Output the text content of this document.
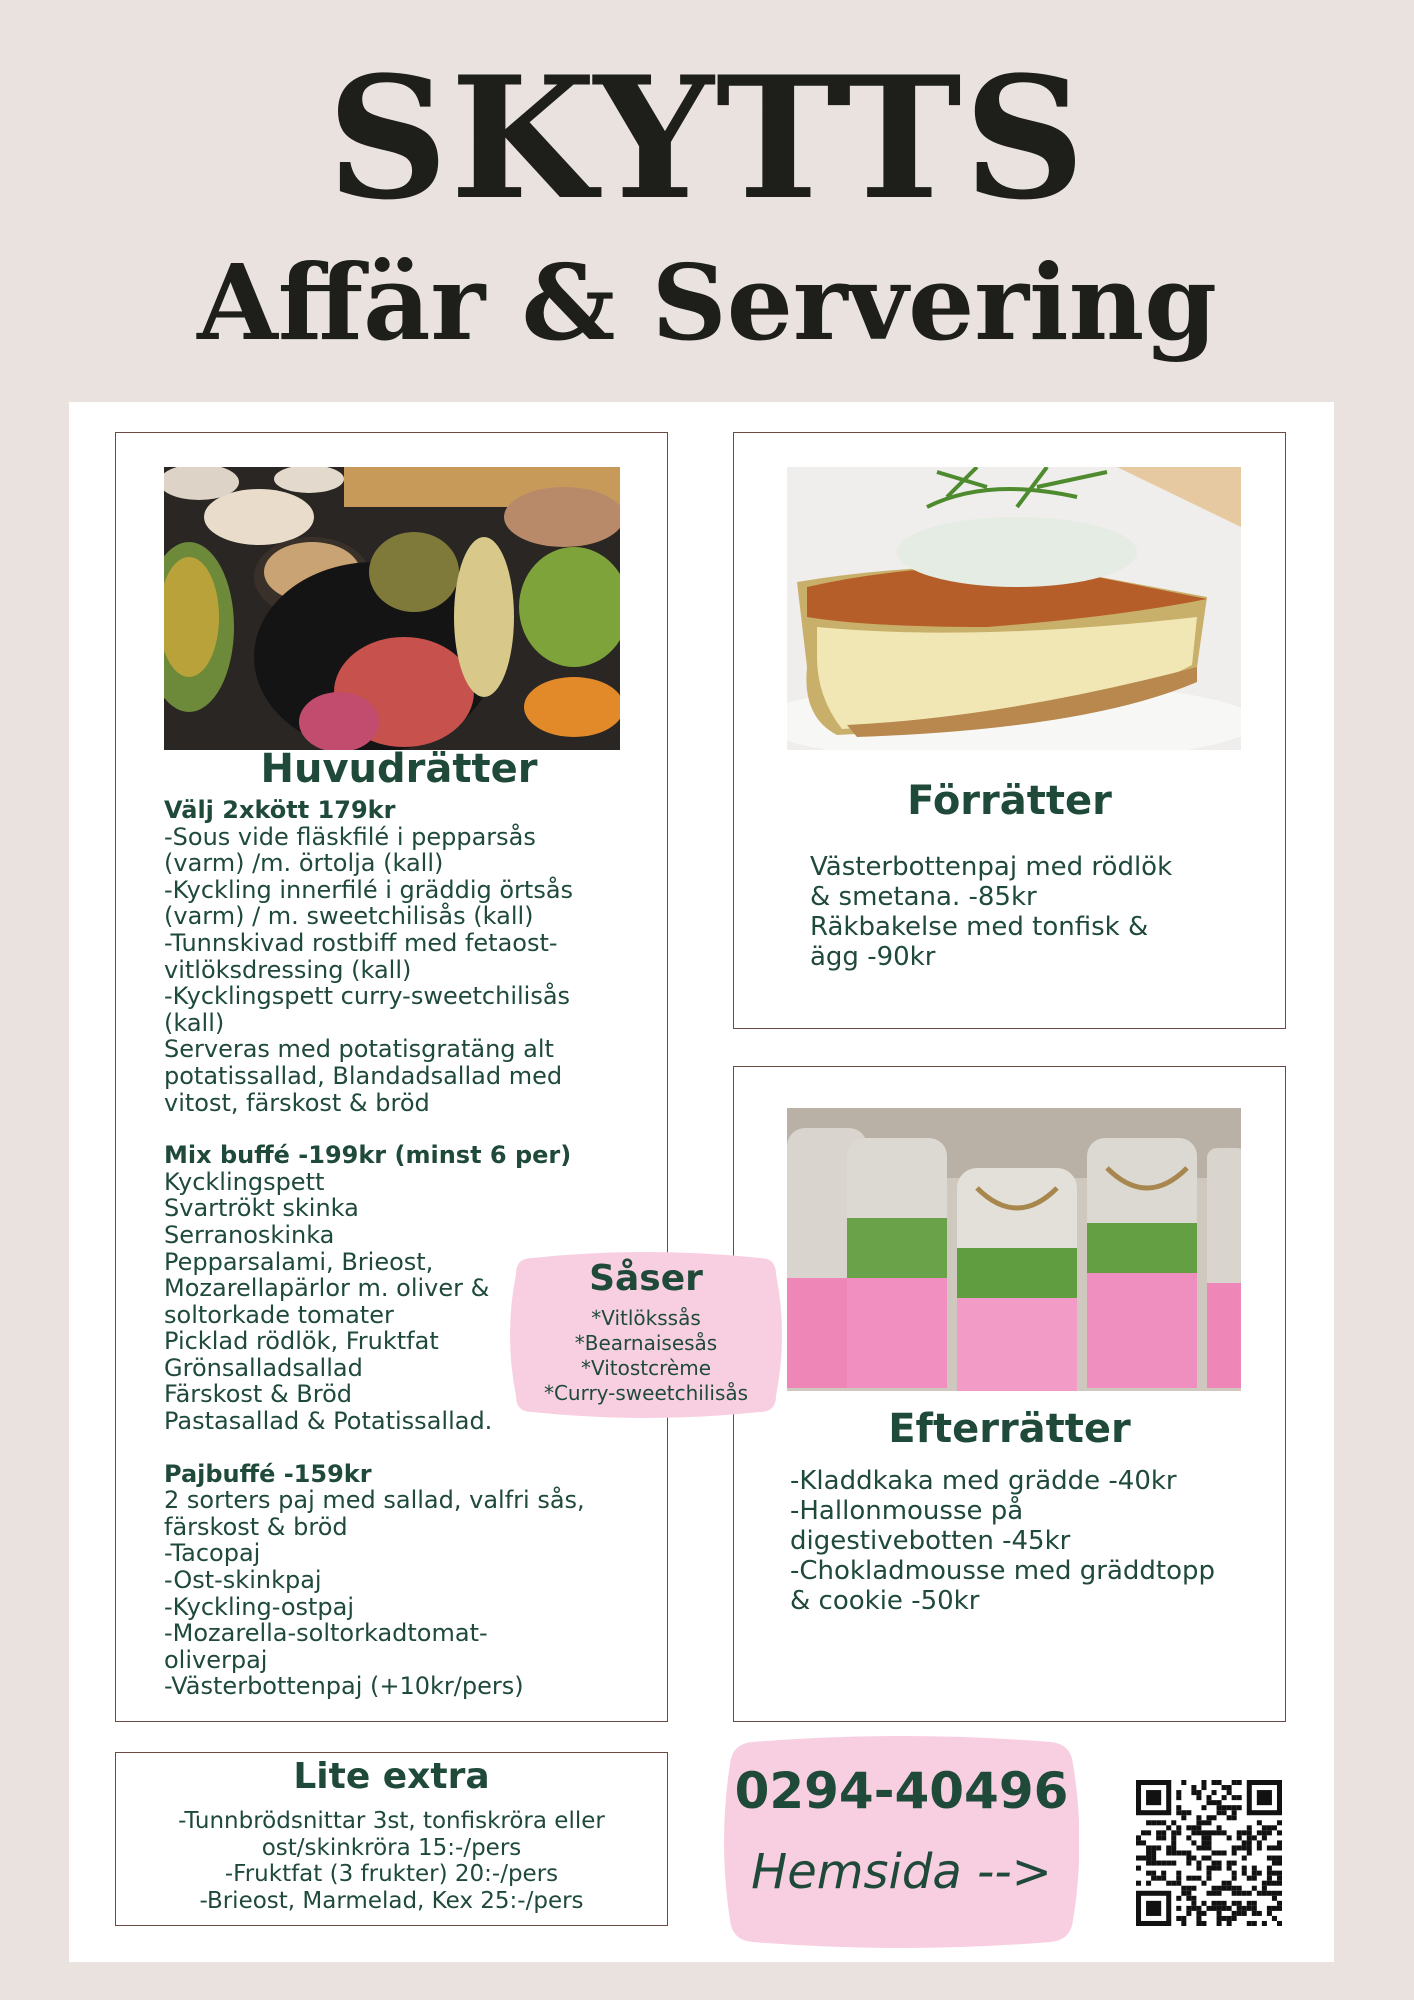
SKYTTS
Affär & Servering
Huvudrätter
Välj 2xkött 179kr
-Sous vide fläskfilé i pepparsås
(varm) /m. örtolja (kall)
-Kyckling innerfilé i gräddig örtsås
(varm) / m. sweetchilisås (kall)
-Tunnskivad rostbiff med fetaost-
vitlöksdressing (kall)
-Kycklingspett curry-sweetchilisås
(kall)
Serveras med potatisgratäng alt
potatissallad, Blandadsallad med
vitost, färskost & bröd
Mix buffé -199kr (minst 6 per)
Kycklingspett
Svartrökt skinka
Serranoskinka
Pepparsalami, Brieost,
Mozarellapärlor m. oliver &
soltorkade tomater
Picklad rödlök, Fruktfat
Grönsalladsallad
Färskost & Bröd
Pastasallad & Potatissallad.
Pajbuffé -159kr
2 sorters paj med sallad, valfri sås,
färskost & bröd
-Tacopaj
-Ost-skinkpaj
-Kyckling-ostpaj
-Mozarella-soltorkadtomat-
oliverpaj
-Västerbottenpaj (+10kr/pers)
Förrätter
Västerbottenpaj med rödlök
& smetana. -85kr
Räkbakelse med tonfisk &
ägg -90kr
Efterrätter
-Kladdkaka med grädde -40kr
-Hallonmousse på
digestivebotten -45kr
-Chokladmousse med gräddtopp
& cookie -50kr
Såser
*Vitlökssås
*Bearnaisesås
*Vitostcrème
*Curry-sweetchilisås
Lite extra
-Tunnbrödsnittar 3st, tonfiskröra eller
ost/skinkröra 15:-/pers
-Fruktfat (3 frukter) 20:-/pers
-Brieost, Marmelad, Kex 25:-/pers
0294-40496
Hemsida -->
